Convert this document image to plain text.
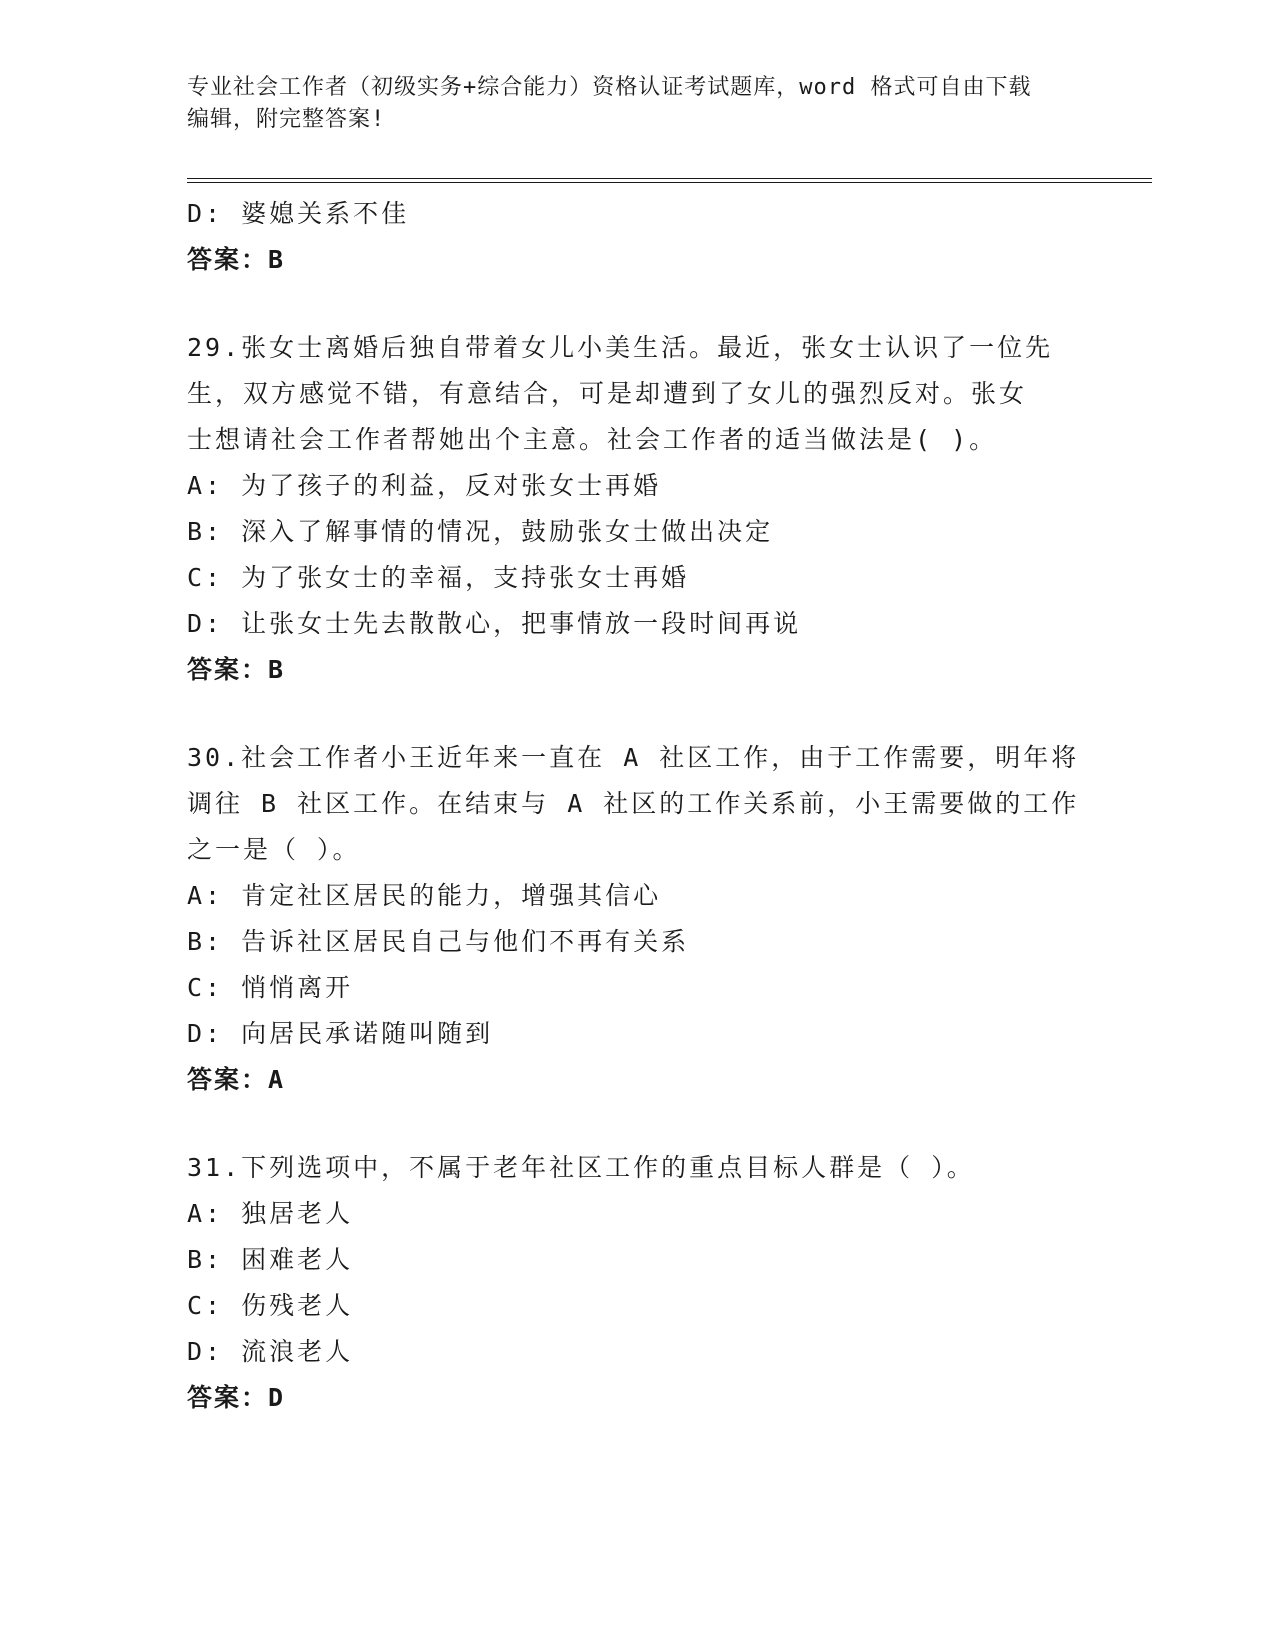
专业社会工作者（初级实务+综合能力）资格认证考试题库，word 格式可自由下载
编辑，附完整答案!
D: 婆媳关系不佳
答案：B
29.张女士离婚后独自带着女儿小美生活。最近，张女士认识了一位先
生，双方感觉不错，有意结合，可是却遭到了女儿的强烈反对。张女
士想请社会工作者帮她出个主意。社会工作者的适当做法是( )。
A: 为了孩子的利益，反对张女士再婚
B: 深入了解事情的情况，鼓励张女士做出决定
C: 为了张女士的幸福，支持张女士再婚
D: 让张女士先去散散心，把事情放一段时间再说
答案：B
30.社会工作者小王近年来一直在 A 社区工作，由于工作需要，明年将
调往 B 社区工作。在结束与 A 社区的工作关系前，小王需要做的工作
之一是（ ）。
A: 肯定社区居民的能力，增强其信心
B: 告诉社区居民自己与他们不再有关系
C: 悄悄离开
D: 向居民承诺随叫随到
答案：A
31.下列选项中，不属于老年社区工作的重点目标人群是（ ）。
A: 独居老人
B: 困难老人
C: 伤残老人
D: 流浪老人
答案：D
